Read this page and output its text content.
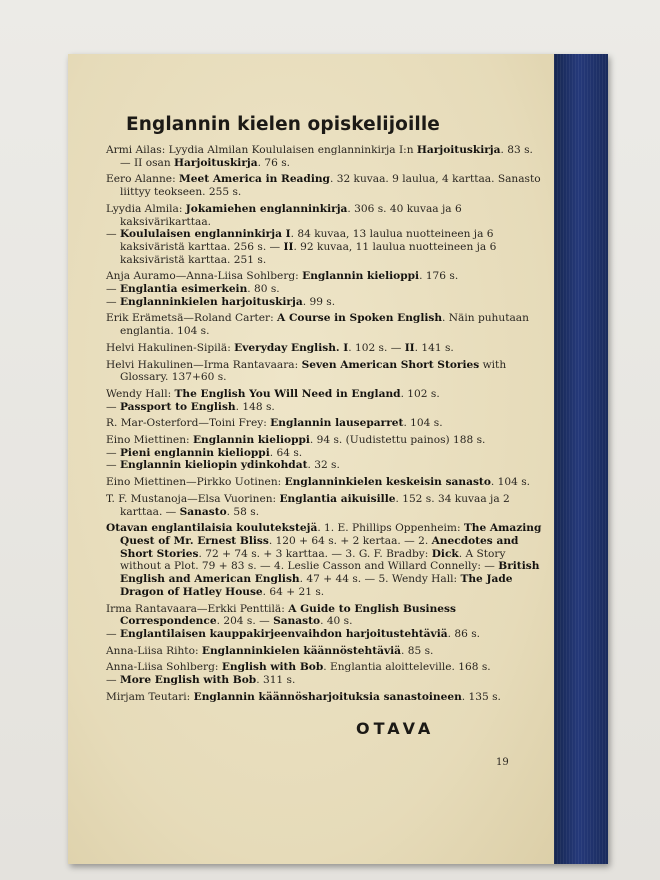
Englannin kielen opiskelijoille
Armi Ailas: Lyydia Almilan Koululaisen englanninkirja I:n Harjoituskirja. 83 s. — II osan Harjoituskirja. 76 s.
Eero Alanne: Meet America in Reading. 32 kuvaa. 9 laulua, 4 karttaa. Sanasto liittyy teokseen. 255 s.
Lyydia Almila: Jokamiehen englanninkirja. 306 s. 40 kuvaa ja 6 kaksivärikarttaa.
— Koululaisen englanninkirja I. 84 kuvaa, 13 laulua nuotteineen ja 6 kaksiväristä karttaa. 256 s. — II. 92 kuvaa, 11 laulua nuotteineen ja 6 kaksiväristä karttaa. 251 s.
Anja Auramo—Anna-Liisa Sohlberg: Englannin kielioppi. 176 s.
— Englantia esimerkein. 80 s.
— Englanninkielen harjoituskirja. 99 s.
Erik Erämetsä—Roland Carter: A Course in Spoken English. Näin puhutaan englantia. 104 s.
Helvi Hakulinen-Sipilä: Everyday English. I. 102 s. — II. 141 s.
Helvi Hakulinen—Irma Rantavaara: Seven American Short Stories with Glossary. 137+60 s.
Wendy Hall: The English You Will Need in England. 102 s.
— Passport to English. 148 s.
R. Mar-Osterford—Toini Frey: Englannin lauseparret. 104 s.
Eino Miettinen: Englannin kielioppi. 94 s. (Uudistettu painos) 188 s.
— Pieni englannin kielioppi. 64 s.
— Englannin kieliopin ydinkohdat. 32 s.
Eino Miettinen—Pirkko Uotinen: Englanninkielen keskeisin sanasto. 104 s.
T. F. Mustanoja—Elsa Vuorinen: Englantia aikuisille. 152 s. 34 kuvaa ja 2 karttaa. — Sanasto. 58 s.
Otavan englantilaisia koulutekstejä. 1. E. Phillips Oppenheim: The Amazing Quest of Mr. Ernest Bliss. 120 + 64 s. + 2 kertaa. — 2. Anecdotes and Short Stories. 72 + 74 s. + 3 karttaa. — 3. G. F. Bradby: Dick. A Story without a Plot. 79 + 83 s. — 4. Leslie Casson and Willard Connelly: — British English and American English. 47 + 44 s. — 5. Wendy Hall: The Jade Dragon of Hatley House. 64 + 21 s.
Irma Rantavaara—Erkki Penttilä: A Guide to English Business Correspondence. 204 s. — Sanasto. 40 s.
— Englantilaisen kauppakirjeenvaihdon harjoitustehtäviä. 86 s.
Anna-Liisa Rihto: Englanninkielen käännöstehtäviä. 85 s.
Anna-Liisa Sohlberg: English with Bob. Englantia aloitteleville. 168 s.
— More English with Bob. 311 s.
Mirjam Teutari: Englannin käännösharjoituksia sanastoineen. 135 s.
OTAVA
19
